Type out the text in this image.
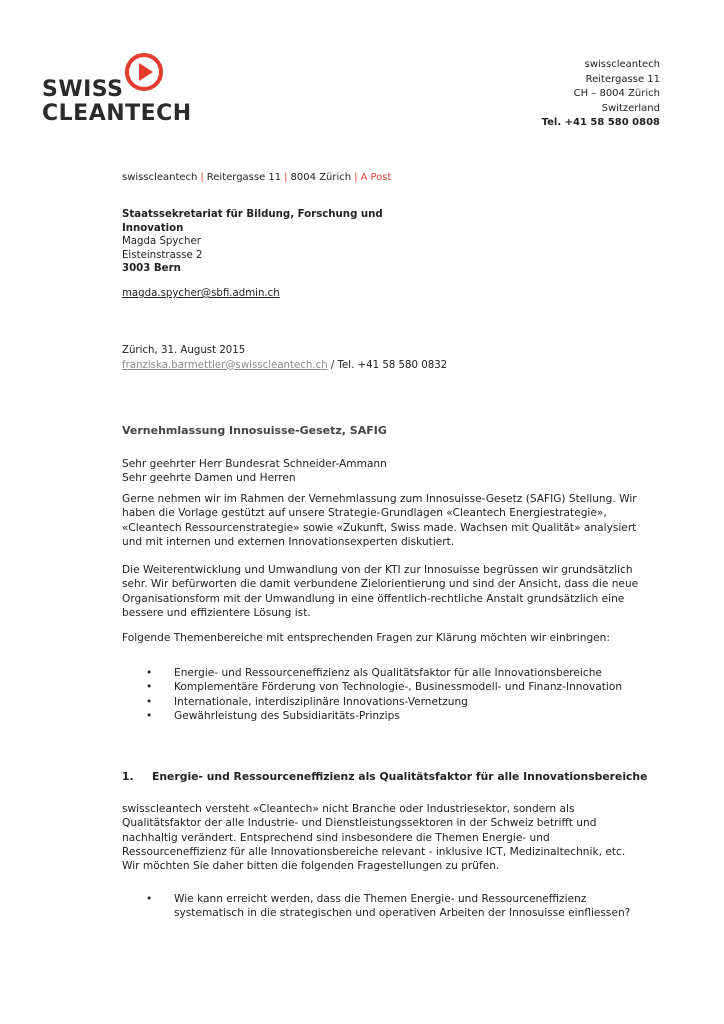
SWISS
CLEANTECH
swisscleantech
Reitergasse 11
CH – 8004 Zürich
Switzerland
Tel. +41 58 580 0808
swisscleantech | Reitergasse 11 | 8004 Zürich | A Post
Staatssekretariat für Bildung, Forschung und
Innovation
Magda Spycher
Eisteinstrasse 2
3003 Bern
magda.spycher@sbfi.admin.ch
Zürich, 31. August 2015
franziska.barmettler@swisscleantech.ch / Tel. +41 58 580 0832
Vernehmlassung Innosuisse-Gesetz, SAFIG
Sehr geehrter Herr Bundesrat Schneider-Ammann
Sehr geehrte Damen und Herren
Gerne nehmen wir im Rahmen der Vernehmlassung zum Innosuisse-Gesetz (SAFIG) Stellung. Wir haben die Vorlage gestützt auf unsere Strategie-Grundlagen «Cleantech Energiestrategie», «Cleantech Ressourcenstrategie» sowie «Zukunft, Swiss made. Wachsen mit Qualität» analysiert und mit internen und externen Innovationsexperten diskutiert.
Die Weiterentwicklung und Umwandlung von der KTI zur Innosuisse begrüssen wir grundsätzlich sehr. Wir befürworten die damit verbundene Zielorientierung und sind der Ansicht, dass die neue Organisationsform mit der Umwandlung in eine öffentlich-rechtliche Anstalt grundsätzlich eine bessere und effizientere Lösung ist.
Folgende Themenbereiche mit entsprechenden Fragen zur Klärung möchten wir einbringen:
• Energie- und Ressourceneffizienz als Qualitätsfaktor für alle Innovationsbereiche
• Komplementäre Förderung von Technologie-, Businessmodell- und Finanz-Innovation
• Internationale, interdisziplinäre Innovations-Vernetzung
• Gewährleistung des Subsidiaritäts-Prinzips
1. Energie- und Ressourceneffizienz als Qualitätsfaktor für alle Innovationsbereiche
swisscleantech versteht «Cleantech» nicht Branche oder Industriesektor, sondern als Qualitätsfaktor der alle Industrie- und Dienstleistungssektoren in der Schweiz betrifft und nachhaltig verändert. Entsprechend sind insbesondere die Themen Energie- und Ressourceneffizienz für alle Innovationsbereiche relevant - inklusive ICT, Medizinaltechnik, etc. Wir möchten Sie daher bitten die folgenden Fragestellungen zu prüfen.
• Wie kann erreicht werden, dass die Themen Energie- und Ressourceneffizienz systematisch in die strategischen und operativen Arbeiten der Innosuisse einfliessen?
